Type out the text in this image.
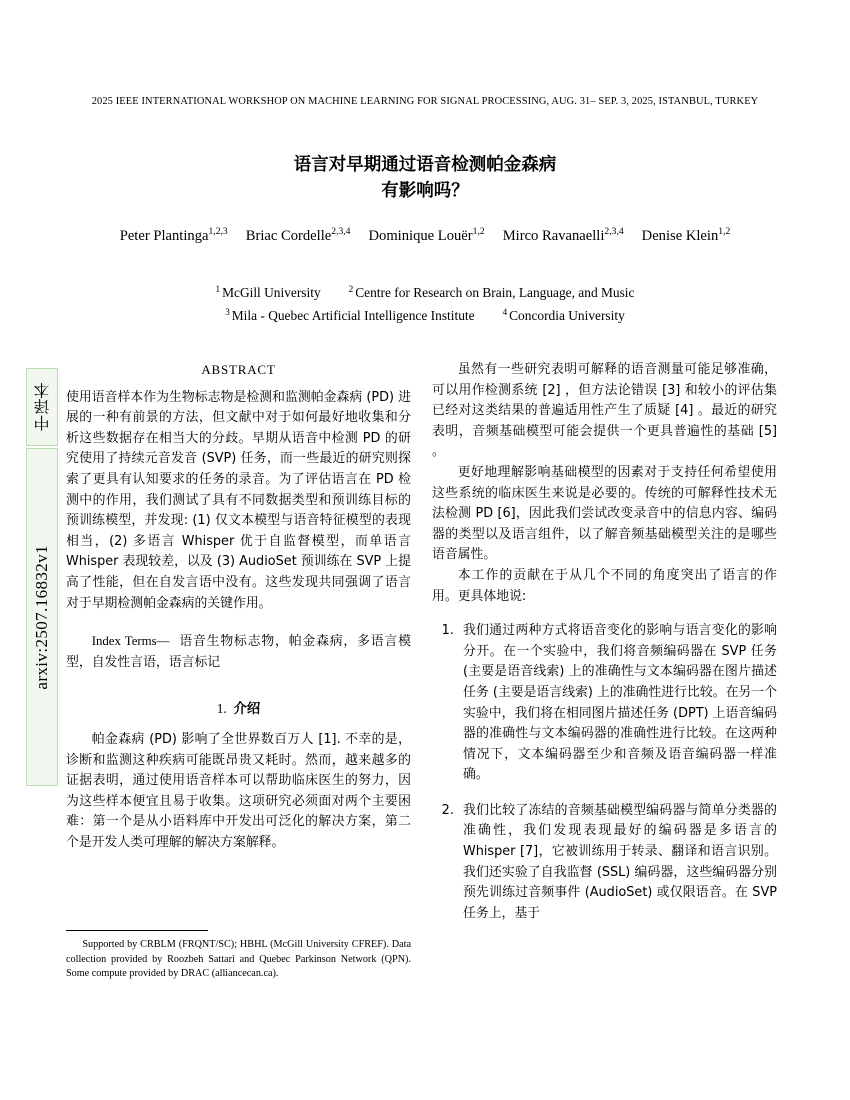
2025 IEEE INTERNATIONAL WORKSHOP ON MACHINE LEARNING FOR SIGNAL PROCESSING, AUG. 31– SEP. 3, 2025, ISTANBUL, TURKEY
语言对早期通过语音检测帕金森病
有影响吗？
Peter Plantinga$^{1,2,3}$ Briac Cordelle$^{2,3,4}$ Dominique Louër$^{1,2}$ Mirco Ravanaelli$^{2,3,4}$ Denise Klein$^{1,2}$
$^1$ McGill University	$^2$ Centre for Research on Brain, Language, and Music
$^3$ Mila - Quebec Artificial Intelligence Institute	$^4$ Concordia University
中译本
arxiv:2507.16832v1
ABSTRACT

使用语音样本作为生物标志物是检测和监测帕金森病 (PD) 进展的一种有前景的方法，但文献中对于如何最好地收集和分析这些数据存在相当大的分歧。早期从语音中检测 PD 的研究使用了持续元音发音 (SVP) 任务，而一些最近的研究则探索了更具有认知要求的任务的录音。为了评估语言在 PD 检测中的作用，我们测试了具有不同数据类型和预训练目标的预训练模型，并发现: (1) 仅文本模型与语音特征模型的表现相当，(2) 多语言 Whisper 优于自监督模型，而单语言 Whisper 表现较差，以及 (3) AudioSet 预训练在 SVP 上提高了性能，但在自发言语中没有。这些发现共同强调了语言对于早期检测帕金森病的关键作用。

Index Terms— 语音生物标志物，帕金森病，多语言模型，自发性言语，语言标记

1. 介绍

帕金森病 (PD) 影响了全世界数百万人 [1]. 不幸的是，诊断和监测这种疾病可能既昂贵又耗时。然而，越来越多的证据表明，通过使用语音样本可以帮助临床医生的努力，因为这些样本便宜且易于收集。这项研究必须面对两个主要困难：第一个是从小语料库中开发出可泛化的解决方案，第二个是开发人类可理解的解决方案解释。

虽然有一些研究表明可解释的语音测量可能足够准确，可以用作检测系统 [2] ，但方法论错误 [3] 和较小的评估集已经对这类结果的普遍适用性产生了质疑 [4] 。最近的研究表明，音频基础模型可能会提供一个更具普遍性的基础 [5] 。

更好地理解影响基础模型的因素对于支持任何希望使用这些系统的临床医生来说是必要的。传统的可解释性技术无法检测 PD [6]，因此我们尝试改变录音中的信息内容、编码器的类型以及语言组件，以了解音频基础模型关注的是哪些语音属性。

本工作的贡献在于从几个不同的角度突出了语言的作用。更具体地说:

1. 我们通过两种方式将语音变化的影响与语言变化的影响分开。在一个实验中，我们将音频编码器在 SVP 任务 (主要是语音线索) 上的准确性与文本编码器在图片描述任务 (主要是语言线索) 上的准确性进行比较。在另一个实验中，我们将在相同图片描述任务 (DPT) 上语音编码器的准确性与文本编码器的准确性进行比较。在这两种情况下，文本编码器至少和音频及语音编码器一样准确。
2. 我们比较了冻结的音频基础模型编码器与简单分类器的准确性，我们发现表现最好的编码器是多语言的 Whisper [7]，它被训练用于转录、翻译和语言识别。我们还实验了自我监督 (SSL) 编码器，这些编码器分别预先训练过音频事件 (AudioSet) 或仅限语音。在 SVP 任务上，基于

Supported by CRBLM (FRQNT/SC); HBHL (McGill University CFREF). Data collection provided by Roozbeh Sattari and Quebec Parkinson Network (QPN). Some compute provided by DRAC (alliancecan.ca).
